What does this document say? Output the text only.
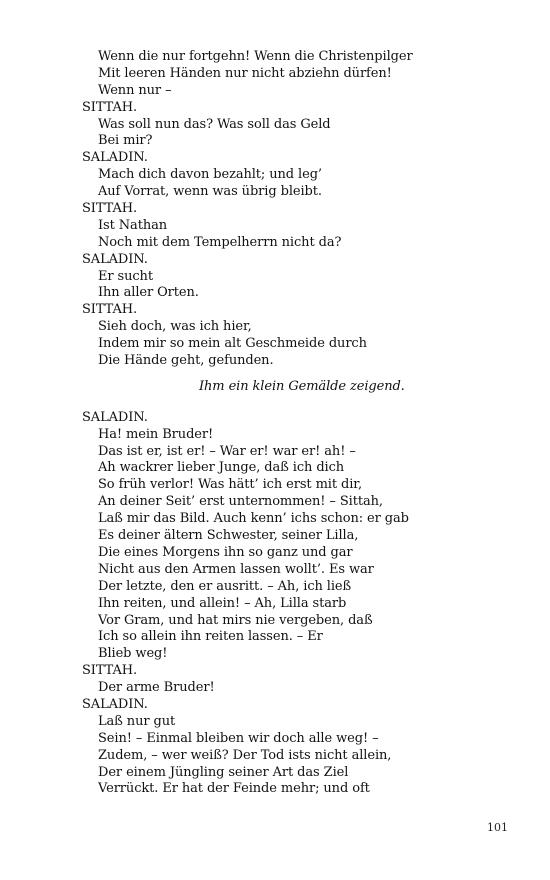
Wenn die nur fortgehn! Wenn die Christenpilger
Mit leeren Händen nur nicht abziehn dürfen!
Wenn nur –
SITTAH.
Was soll nun das? Was soll das Geld
Bei mir?
SALADIN.
Mach dich davon bezahlt; und leg’
Auf Vorrat, wenn was übrig bleibt.
SITTAH.
Ist Nathan
Noch mit dem Tempelherrn nicht da?
SALADIN.
Er sucht
Ihn aller Orten.
SITTAH.
Sieh doch, was ich hier,
Indem mir so mein alt Geschmeide durch
Die Hände geht, gefunden.
Ihm ein klein Gemälde zeigend.
SALADIN.
Ha! mein Bruder!
Das ist er, ist er! – War er! war er! ah! –
Ah wackrer lieber Junge, daß ich dich
So früh verlor! Was hätt’ ich erst mit dir,
An deiner Seit’ erst unternommen! – Sittah,
Laß mir das Bild. Auch kenn’ ichs schon: er gab
Es deiner ältern Schwester, seiner Lilla,
Die eines Morgens ihn so ganz und gar
Nicht aus den Armen lassen wollt’. Es war
Der letzte, den er ausritt. – Ah, ich ließ
Ihn reiten, und allein! – Ah, Lilla starb
Vor Gram, und hat mirs nie vergeben, daß
Ich so allein ihn reiten lassen. – Er
Blieb weg!
SITTAH.
Der arme Bruder!
SALADIN.
Laß nur gut
Sein! – Einmal bleiben wir doch alle weg! –
Zudem, – wer weiß? Der Tod ists nicht allein,
Der einem Jüngling seiner Art das Ziel
Verrückt. Er hat der Feinde mehr; und oft
101
